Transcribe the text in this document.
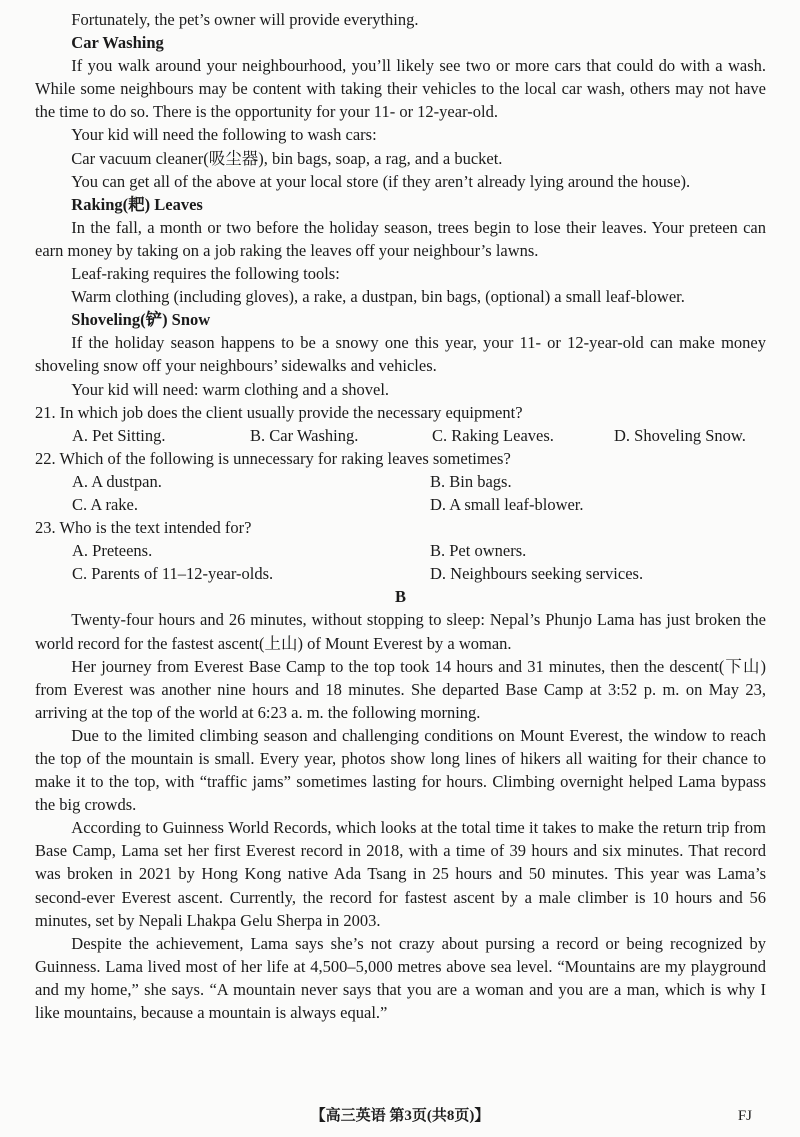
Fortunately, the pet’s owner will provide everything.

Car Washing

If you walk around your neighbourhood, you’ll likely see two or more cars that could do with a wash. While some neighbours may be content with taking their vehicles to the local car wash, others may not have the time to do so. There is the opportunity for your 11- or 12-year-old.

Your kid will need the following to wash cars:

Car vacuum cleaner(吸尘器), bin bags, soap, a rag, and a bucket.

You can get all of the above at your local store (if they aren’t already lying around the house).

Raking(耙) Leaves

In the fall, a month or two before the holiday season, trees begin to lose their leaves. Your preteen can earn money by taking on a job raking the leaves off your neighbour’s lawns.

Leaf-raking requires the following tools:

Warm clothing (including gloves), a rake, a dustpan, bin bags, (optional) a small leaf-blower.

Shoveling(铲) Snow

If the holiday season happens to be a snowy one this year, your 11- or 12-year-old can make money shoveling snow off your neighbours’ sidewalks and vehicles.

Your kid will need: warm clothing and a shovel.

21. In which job does the client usually provide the necessary equipment?

A. Pet Sitting.	B. Car Washing.	C. Raking Leaves.	D. Shoveling Snow.

22. Which of the following is unnecessary for raking leaves sometimes?

A. A dustpan.	B. Bin bags.
C. A rake.	D. A small leaf-blower.

23. Who is the text intended for?

A. Preteens.	B. Pet owners.
C. Parents of 11–12-year-olds.	D. Neighbours seeking services.

B

Twenty-four hours and 26 minutes, without stopping to sleep: Nepal’s Phunjo Lama has just broken the world record for the fastest ascent(上山) of Mount Everest by a woman.

Her journey from Everest Base Camp to the top took 14 hours and 31 minutes, then the descent(下山) from Everest was another nine hours and 18 minutes. She departed Base Camp at 3:52 p. m. on May 23, arriving at the top of the world at 6:23 a. m. the following morning.

Due to the limited climbing season and challenging conditions on Mount Everest, the window to reach the top of the mountain is small. Every year, photos show long lines of hikers all waiting for their chance to make it to the top, with “traffic jams” sometimes lasting for hours. Climbing overnight helped Lama bypass the big crowds.

According to Guinness World Records, which looks at the total time it takes to make the return trip from Base Camp, Lama set her first Everest record in 2018, with a time of 39 hours and six minutes. That record was broken in 2021 by Hong Kong native Ada Tsang in 25 hours and 50 minutes. This year was Lama’s second-ever Everest ascent. Currently, the record for fastest ascent by a male climber is 10 hours and 56 minutes, set by Nepali Lhakpa Gelu Sherpa in 2003.

Despite the achievement, Lama says she’s not crazy about pursing a record or being recognized by Guinness. Lama lived most of her life at 4,500–5,000 metres above sea level. “Mountains are my playground and my home,” she says. “A mountain never says that you are a woman and you are a man, which is why I like mountains, because a mountain is always equal.”

【高三英语 第3页(共8页)】	FJ
